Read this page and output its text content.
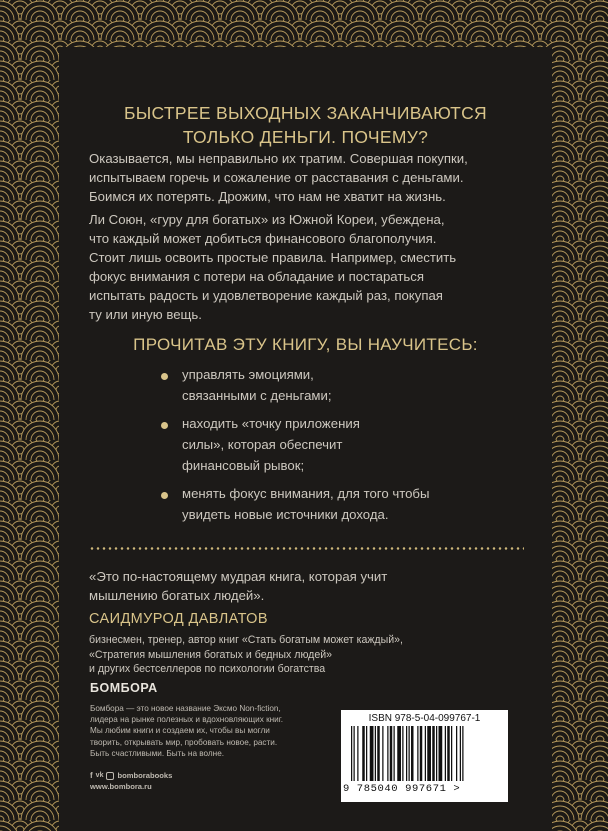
БЫСТРЕЕ ВЫХОДНЫХ ЗАКАНЧИВАЮТСЯ
ТОЛЬКО ДЕНЬГИ. ПОЧЕМУ?
Оказывается, мы неправильно их тратим. Совершая покупки,
испытываем горечь и сожаление от расставания с деньгами.
Боимся их потерять. Дрожим, что нам не хватит на жизнь.
Ли Союн, «гуру для богатых» из Южной Кореи, убеждена,
что каждый может добиться финансового благополучия.
Стоит лишь освоить простые правила. Например, сместить
фокус внимания с потери на обладание и постараться
испытать радость и удовлетворение каждый раз, покупая
ту или иную вещь.
ПРОЧИТАВ ЭТУ КНИГУ, ВЫ НАУЧИТЕСЬ:
управлять эмоциями,
связанными с деньгами;
находить «точку приложения
силы», которая обеспечит
финансовый рывок;
менять фокус внимания, для того чтобы
увидеть новые источники дохода.
«Это по-настоящему мудрая книга, которая учит
мышлению богатых людей».
САИДМУРОД ДАВЛАТОВ
бизнесмен, тренер, автор книг «Стать богатым может каждый»,
«Стратегия мышления богатых и бедных людей»
и других бестселлеров по психологии богатства
БОМБОРА
Бомбора — это новое название Эксмо Non-fiction,
лидера на рынке полезных и вдохновляющих книг.
Мы любим книги и создаем их, чтобы вы могли
творить, открывать мир, пробовать новое, расти.
Быть счастливыми. Быть на волне.
f vk bomborabooks
www.bombora.ru
ISBN 978-5-04-099767-1
9 785040 997671 >
